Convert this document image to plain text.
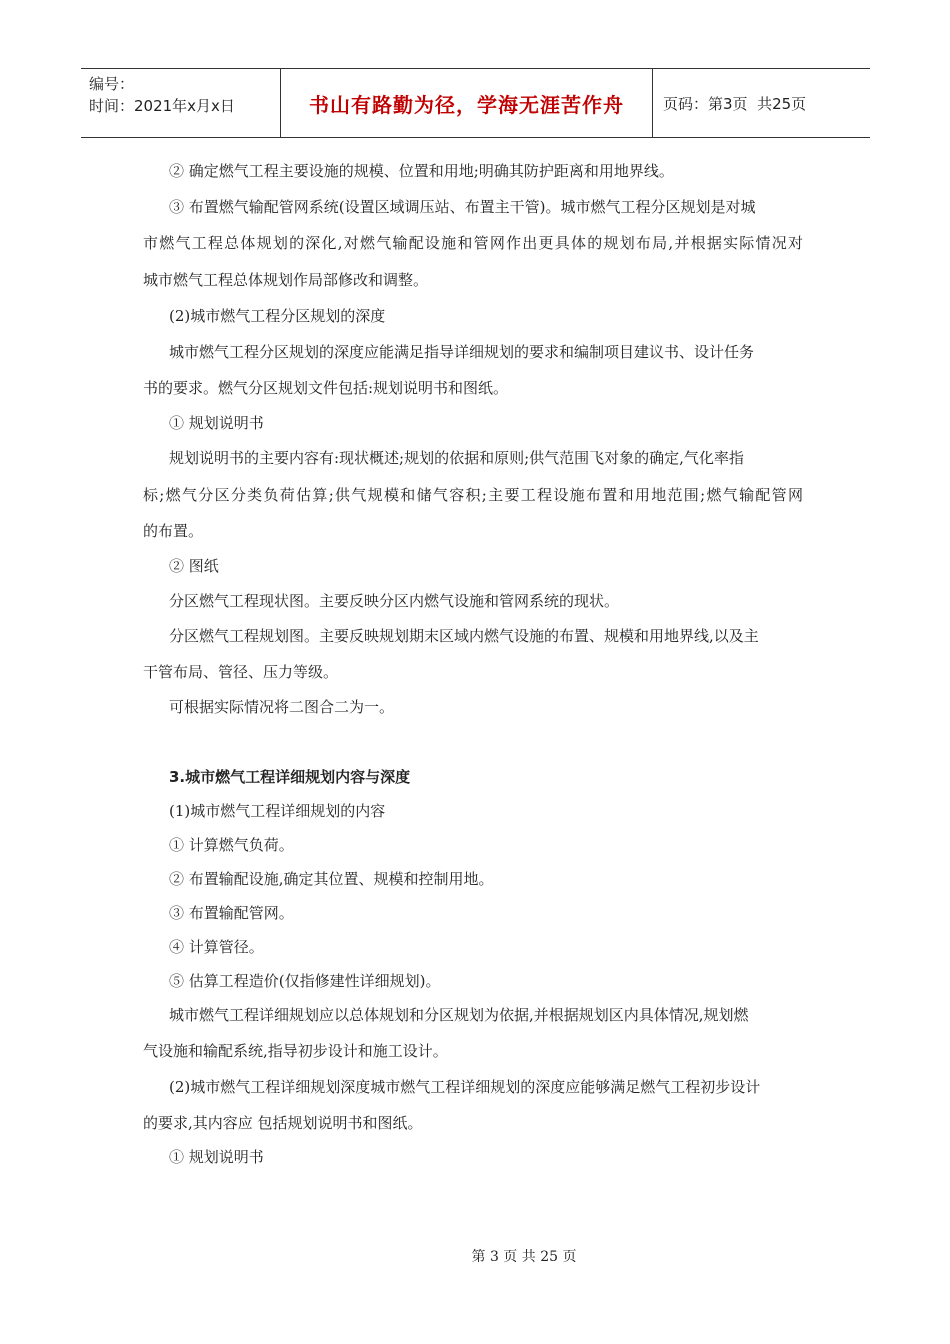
编号：
时间：2021年x月x日	书山有路勤为径，学海无涯苦作舟	页码：第3页  共25页
② 确定燃气工程主要设施的规模、位置和用地;明确其防护距离和用地界线。
③ 布置燃气输配管网系统(设置区域调压站、布置主干管)。城市燃气工程分区规划是对城
市燃气工程总体规划的深化,对燃气输配设施和管网作出更具体的规划布局,并根据实际情况对
城市燃气工程总体规划作局部修改和调整。
(2)城市燃气工程分区规划的深度
城市燃气工程分区规划的深度应能满足指导详细规划的要求和编制项目建议书、设计任务
书的要求。燃气分区规划文件包括:规划说明书和图纸。
① 规划说明书
规划说明书的主要内容有:现状概述;规划的依据和原则;供气范围飞对象的确定,气化率指
标;燃气分区分类负荷估算;供气规模和储气容积;主要工程设施布置和用地范围;燃气输配管网
的布置。
② 图纸
分区燃气工程现状图。主要反映分区内燃气设施和管网系统的现状。
分区燃气工程规划图。主要反映规划期末区域内燃气设施的布置、规模和用地界线,以及主
干管布局、管径、压力等级。
可根据实际情况将二图合二为一。
3.城市燃气工程详细规划内容与深度
(1)城市燃气工程详细规划的内容
① 计算燃气负荷。
② 布置输配设施,确定其位置、规模和控制用地。
③ 布置输配管网。
④ 计算管径。
⑤ 估算工程造价(仅指修建性详细规划)。
城市燃气工程详细规划应以总体规划和分区规划为依据,并根据规划区内具体情况,规划燃
气设施和输配系统,指导初步设计和施工设计。
(2)城市燃气工程详细规划深度城市燃气工程详细规划的深度应能够满足燃气工程初步设计
的要求,其内容应 包括规划说明书和图纸。
① 规划说明书
第 3 页 共 25 页
